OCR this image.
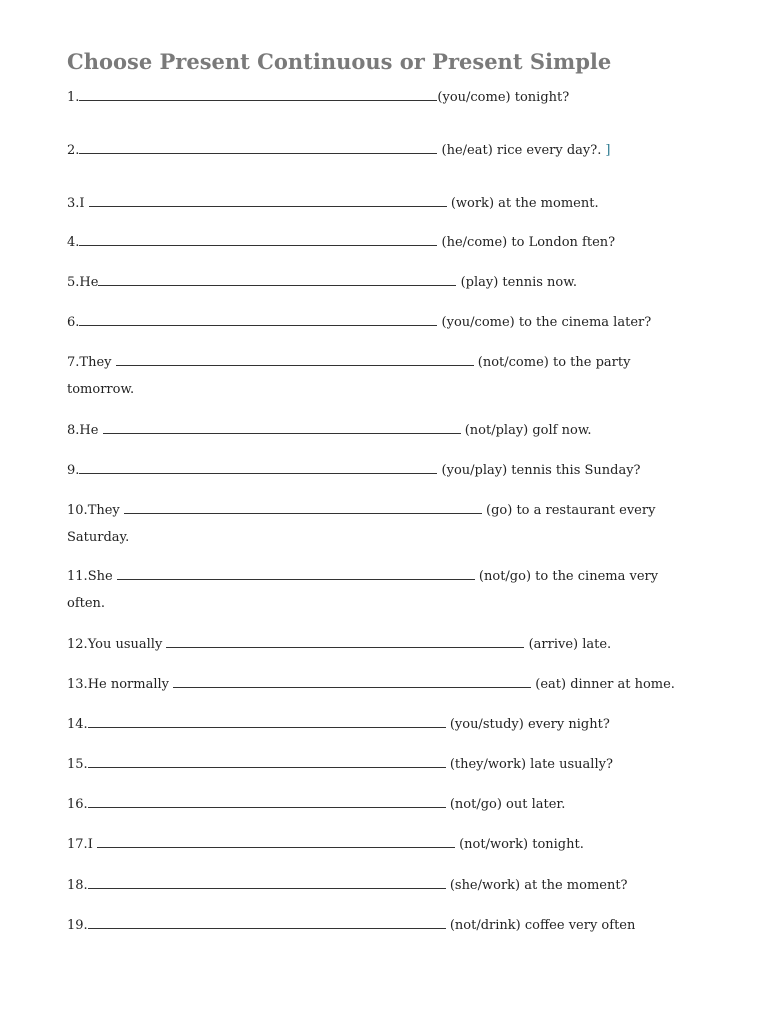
Choose Present Continuous or Present Simple
1.	(you/come) tonight?
2.	(he/eat) rice every day?. ]
3.I	(work) at the moment.
4.	(he/come) to London ften?
5.He	(play) tennis now.
6.	(you/come) to the cinema later?
7.They	(not/come) to the party
tomorrow.
8.He	(not/play) golf now.
9.	(you/play) tennis this Sunday?
10.They	(go) to a restaurant every
Saturday.
11.She	(not/go) to the cinema very
often.
12.You usually	(arrive) late.
13.He normally	(eat) dinner at home.
14.	(you/study) every night?
15.	(they/work) late usually?
16.	(not/go) out later.
17.I	(not/work) tonight.
18.	(she/work) at the moment?
19.	(not/drink) coffee very often
